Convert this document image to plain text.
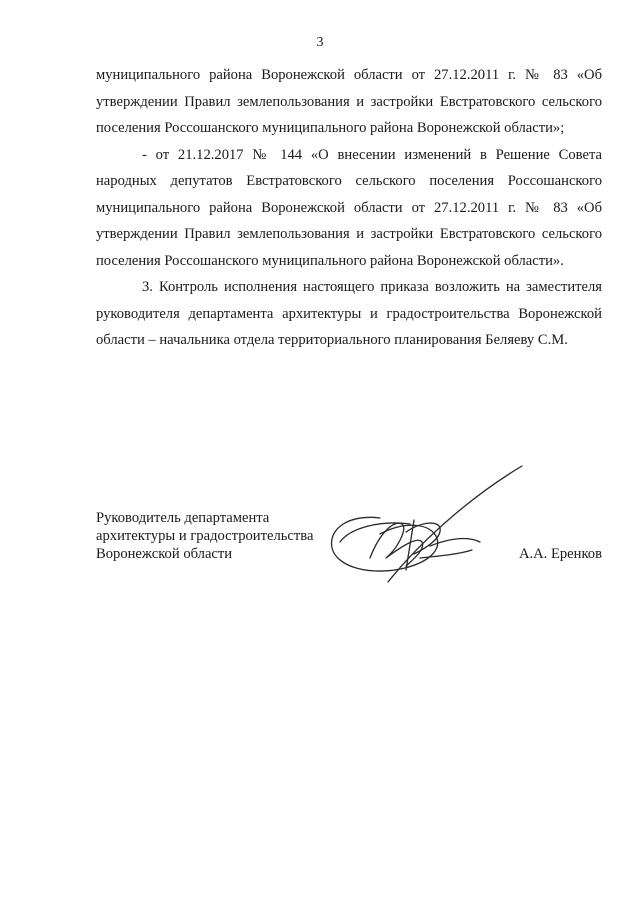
3

муниципального района Воронежской области от 27.12.2011 г. № 83 «Об утверждении Правил землепользования и застройки Евстратовского сельского поселения Россошанского муниципального района Воронежской области»;

- от 21.12.2017 № 144 «О внесении изменений в Решение Совета народных депутатов Евстратовского сельского поселения Россошанского муниципального района Воронежской области от 27.12.2011 г. № 83 «Об утверждении Правил землепользования и застройки Евстратовского сельского поселения Россошанского муниципального района Воронежской области».

3. Контроль исполнения настоящего приказа возложить на заместителя руководителя департамента архитектуры и градостроительства Воронежской области – начальника отдела территориального планирования Беляеву С.М.

Руководитель департамента
архитектуры и градостроительства
Воронежской области	А.А. Еренков
